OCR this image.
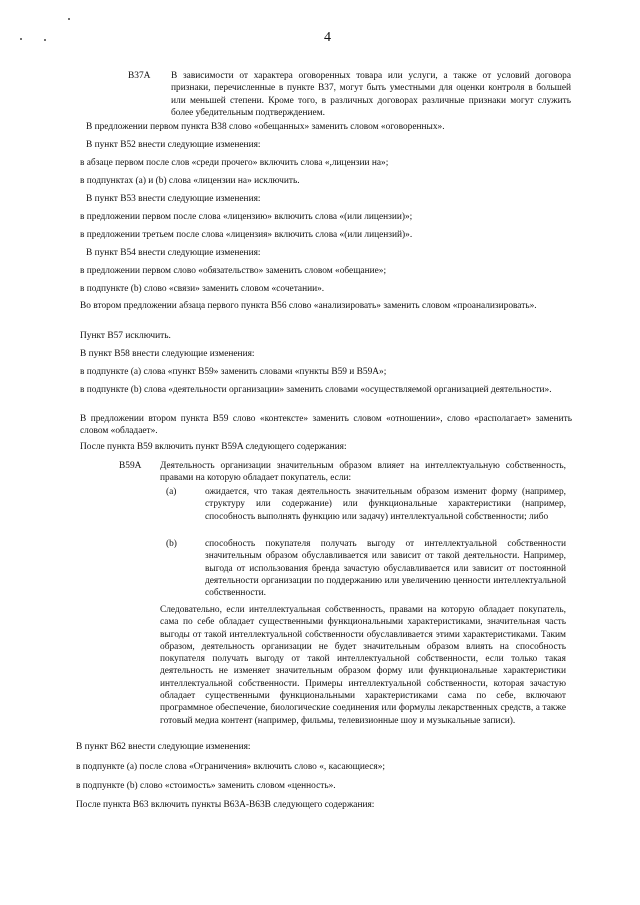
4
B37A В зависимости от характера оговоренных товара или услуги, а также от условий договора признаки, перечисленные в пункте B37, могут быть уместными для оценки контроля в большей или меньшей степени. Кроме того, в различных договорах различные признаки могут служить более убедительным подтверждением.
В предложении первом пункта B38 слово «обещанных» заменить словом «оговоренных».
В пункт B52 внести следующие изменения:
в абзаце первом после слов «среди прочего» включить слова «,лицензии на»;
в подпунктах (a) и (b) слова «лицензии на» исключить.
В пункт B53 внести следующие изменения:
в предложении первом после слова «лицензию» включить слова «(или лицензии)»;
в предложении третьем после слова «лицензия» включить слова «(или лицензий)».
В пункт B54 внести следующие изменения:
в предложении первом слово «обязательство» заменить словом «обещание»;
в подпункте (b) слово «связи» заменить словом «сочетании».
Во втором предложении абзаца первого пункта B56 слово «анализировать» заменить словом «проанализировать».
Пункт B57 исключить.
В пункт B58 внести следующие изменения:
в подпункте (a) слова «пункт B59» заменить словами «пункты B59 и B59A»;
в подпункте (b) слова «деятельности организации» заменить словами «осуществляемой организацией деятельности».
В предложении втором пункта B59 слово «контексте» заменить словом «отношении», слово «располагает» заменить словом «обладает».
После пункта B59 включить пункт B59A следующего содержания:
B59A Деятельность организации значительным образом влияет на интеллектуальную собственность, правами на которую обладает покупатель, если:
(a)	ожидается, что такая деятельность значительным образом изменит форму (например, структуру или содержание) или функциональные характеристики (например, способность выполнять функцию или задачу) интеллектуальной собственности; либо
(b)	способность покупателя получать выгоду от интеллектуальной собственности значительным образом обуславливается или зависит от такой деятельности. Например, выгода от использования бренда зачастую обуславливается или зависит от постоянной деятельности организации по поддержанию или увеличению ценности интеллектуальной собственности.
Следовательно, если интеллектуальная собственность, правами на которую обладает покупатель, сама по себе обладает существенными функциональными характеристиками, значительная часть выгоды от такой интеллектуальной собственности обуславливается этими характеристиками. Таким образом, деятельность организации не будет значительным образом влиять на способность покупателя получать выгоду от такой интеллектуальной собственности, если только такая деятельность не изменяет значительным образом форму или функциональные характеристики интеллектуальной собственности. Примеры интеллектуальной собственности, которая зачастую обладает существенными функциональными характеристиками сама по себе, включают программное обеспечение, биологические соединения или формулы лекарственных средств, а также готовый медиа контент (например, фильмы, телевизионные шоу и музыкальные записи).
В пункт B62 внести следующие изменения:
в подпункте (a) после слова «Ограничения» включить слово «, касающиеся»;
в подпункте (b) слово «стоимость» заменить словом «ценность».
После пункта B63 включить пункты B63A-B63B следующего содержания:
